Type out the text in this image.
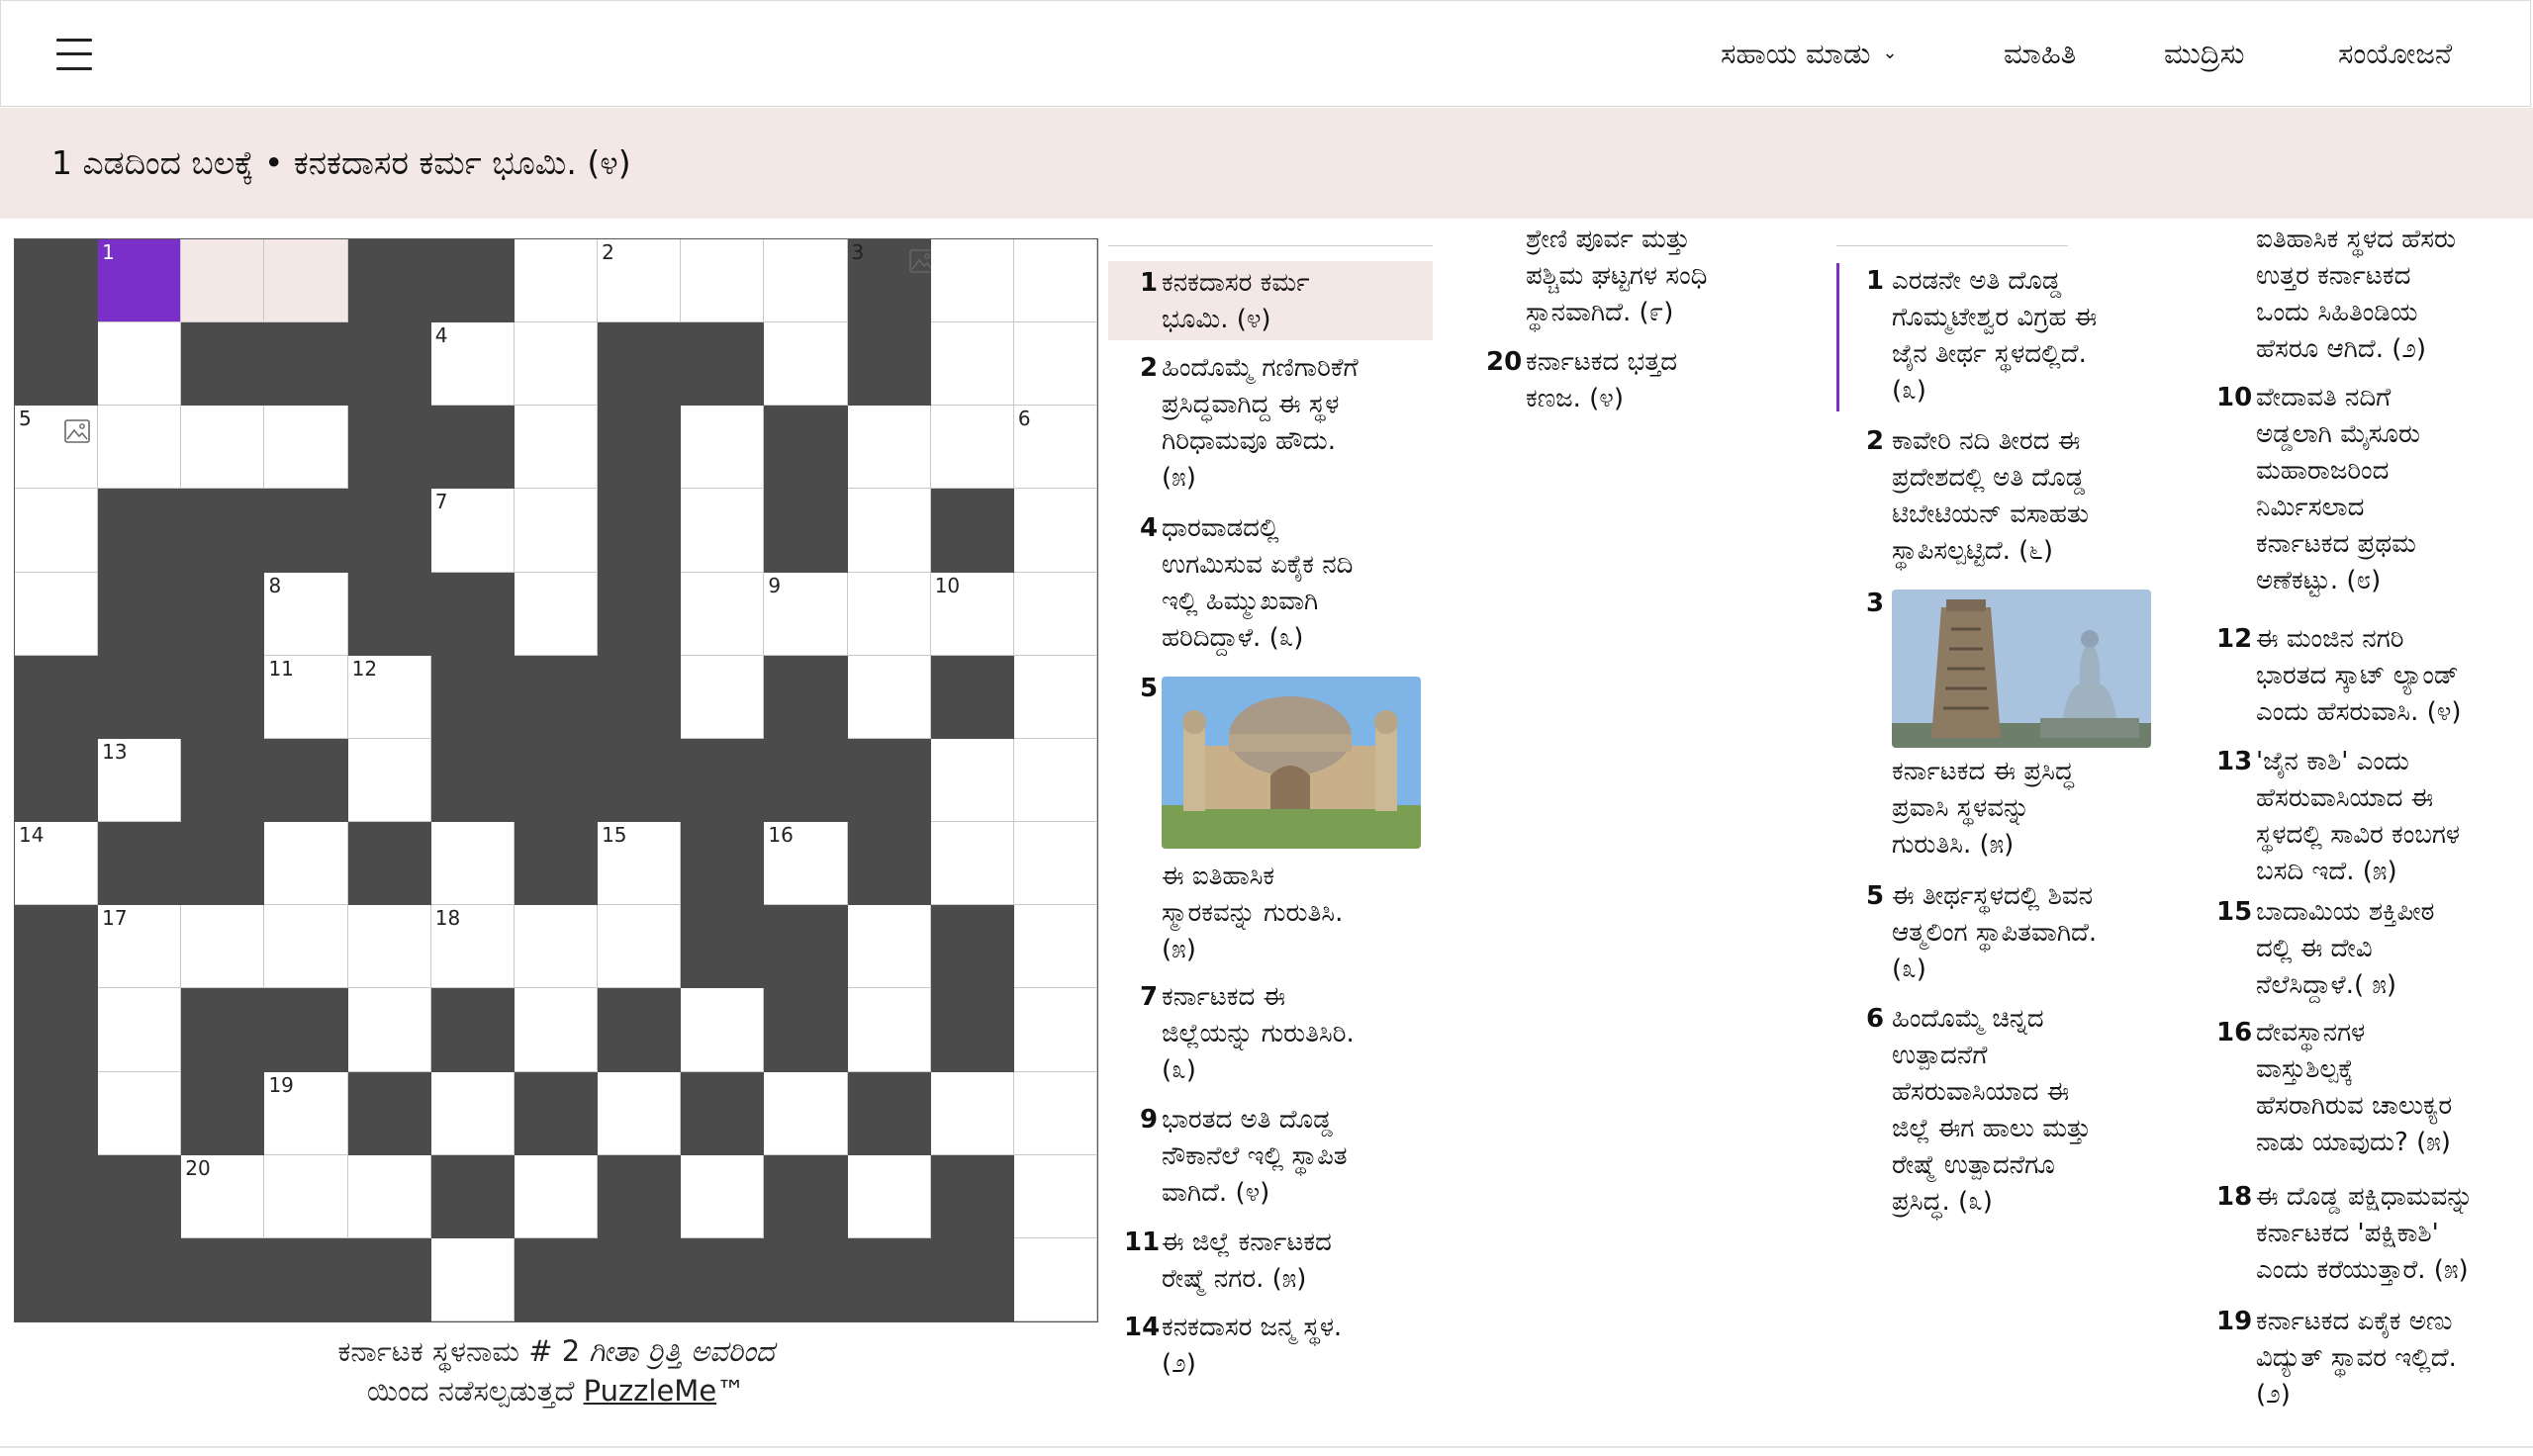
ಸಹಾಯ ಮಾಡು ⌄	ಮಾಹಿತಿ	ಮುದ್ರಿಸು	ಸಂಯೋಜನೆ
1 ಎಡದಿಂದ ಬಲಕ್ಕೆ • ಕನಕದಾಸರ ಕರ್ಮ ಭೂಮಿ. (೪)
1	2	3
4
5	6
7
8	9	10
11	12
13
14	15	16
17	18
19
20
ಕರ್ನಾಟಕ ಸ್ಥಳನಾಮ # 2 ಗೀತಾ ರ್ರಿತ್ತಿ ಅವರಿಂದ
ಯಿಂದ ನಡೆಸಲ್ಪಡುತ್ತದೆ PuzzleMe™
1 ಕನಕದಾಸರ ಕರ್ಮ
ಭೂಮಿ. (೪)
2 ಹಿಂದೊಮ್ಮೆ ಗಣಿಗಾರಿಕೆಗೆ
ಪ್ರಸಿದ್ಧವಾಗಿದ್ದ ಈ ಸ್ಥಳ
ಗಿರಿಧಾಮವೂ ಹೌದು.
(೫)
4 ಧಾರವಾಡದಲ್ಲಿ
ಉಗಮಿಸುವ ಏಕೈಕ ನದಿ
ಇಲ್ಲಿ ಹಿಮ್ಮುಖವಾಗಿ
ಹರಿದಿದ್ದಾಳೆ. (೩)
5
ಈ ಐತಿಹಾಸಿಕ
ಸ್ಮಾರಕವನ್ನು ಗುರುತಿಸಿ.
(೫)
7 ಕರ್ನಾಟಕದ ಈ
ಜಿಲ್ಲೆಯನ್ನು ಗುರುತಿಸಿರಿ.
(೩)
9 ಭಾರತದ ಅತಿ ದೊಡ್ಡ
ನೌಕಾನೆಲೆ ಇಲ್ಲಿ ಸ್ಥಾಪಿತ
ವಾಗಿದೆ. (೪)
11 ಈ ಜಿಲ್ಲೆ ಕರ್ನಾಟಕದ
ರೇಷ್ಮೆ ನಗರ. (೫)
14 ಕನಕದಾಸರ ಜನ್ಮ ಸ್ಥಳ.
(೨)
ಶ್ರೇಣಿ ಪೂರ್ವ ಮತ್ತು
ಪಶ್ಚಿಮ ಘಟ್ಟಗಳ ಸಂಧಿ
ಸ್ಥಾನವಾಗಿದೆ. (೯)
20 ಕರ್ನಾಟಕದ ಭತ್ತದ
ಕಣಜ. (೪)
1 ಎರಡನೇ ಅತಿ ದೊಡ್ಡ
ಗೊಮ್ಮಟೇಶ್ವರ ವಿಗ್ರಹ ಈ
ಜೈನ ತೀರ್ಥ ಸ್ಥಳದಲ್ಲಿದೆ.
(೩)
2 ಕಾವೇರಿ ನದಿ ತೀರದ ಈ
ಪ್ರದೇಶದಲ್ಲಿ ಅತಿ ದೊಡ್ಡ
ಟಿಬೇಟಿಯನ್ ವಸಾಹತು
ಸ್ಥಾಪಿಸಲ್ಪಟ್ಟಿದೆ. (೬)
3
ಕರ್ನಾಟಕದ ಈ ಪ್ರಸಿದ್ಧ
ಪ್ರವಾಸಿ ಸ್ಥಳವನ್ನು
ಗುರುತಿಸಿ. (೫)
5 ಈ ತೀರ್ಥಸ್ಥಳದಲ್ಲಿ ಶಿವನ
ಆತ್ಮಲಿಂಗ ಸ್ಥಾಪಿತವಾಗಿದೆ.
(೩)
6 ಹಿಂದೊಮ್ಮೆ ಚಿನ್ನದ
ಉತ್ಪಾದನೆಗೆ
ಹೆಸರುವಾಸಿಯಾದ ಈ
ಜಿಲ್ಲೆ ಈಗ ಹಾಲು ಮತ್ತು
ರೇಷ್ಮೆ ಉತ್ಪಾದನೆಗೂ
ಪ್ರಸಿದ್ಧ. (೩)
ಐತಿಹಾಸಿಕ ಸ್ಥಳದ ಹೆಸರು
ಉತ್ತರ ಕರ್ನಾಟಕದ
ಒಂದು ಸಿಹಿತಿಂಡಿಯ
ಹೆಸರೂ ಆಗಿದೆ. (೨)
10 ವೇದಾವತಿ ನದಿಗೆ
ಅಡ್ಡಲಾಗಿ ಮೈಸೂರು
ಮಹಾರಾಜರಿಂದ
ನಿರ್ಮಿಸಲಾದ
ಕರ್ನಾಟಕದ ಪ್ರಥಮ
ಅಣೆಕಟ್ಟು. (೮)
12 ಈ ಮಂಜಿನ ನಗರಿ
ಭಾರತದ ಸ್ಕಾಟ್ ಲ್ಯಾಂಡ್
ಎಂದು ಹೆಸರುವಾಸಿ. (೪)
13 'ಜೈನ ಕಾಶಿ' ಎಂದು
ಹೆಸರುವಾಸಿಯಾದ ಈ
ಸ್ಥಳದಲ್ಲಿ ಸಾವಿರ ಕಂಬಗಳ
ಬಸದಿ ಇದೆ. (೫)
15 ಬಾದಾಮಿಯ ಶಕ್ತಿಪೀಠ
ದಲ್ಲಿ ಈ ದೇವಿ
ನೆಲೆಸಿದ್ದಾಳೆ.( ೫)
16 ದೇವಸ್ಥಾನಗಳ
ವಾಸ್ತುಶಿಲ್ಪಕ್ಕೆ
ಹೆಸರಾಗಿರುವ ಚಾಲುಕ್ಯರ
ನಾಡು ಯಾವುದು? (೫)
18 ಈ ದೊಡ್ಡ ಪಕ್ಷಿಧಾಮವನ್ನು
ಕರ್ನಾಟಕದ 'ಪಕ್ಷಿಕಾಶಿ'
ಎಂದು ಕರೆಯುತ್ತಾರೆ. (೫)
19 ಕರ್ನಾಟಕದ ಏಕೈಕ ಅಣು
ವಿದ್ಯುತ್ ಸ್ಥಾವರ ಇಲ್ಲಿದೆ.
(೨)
